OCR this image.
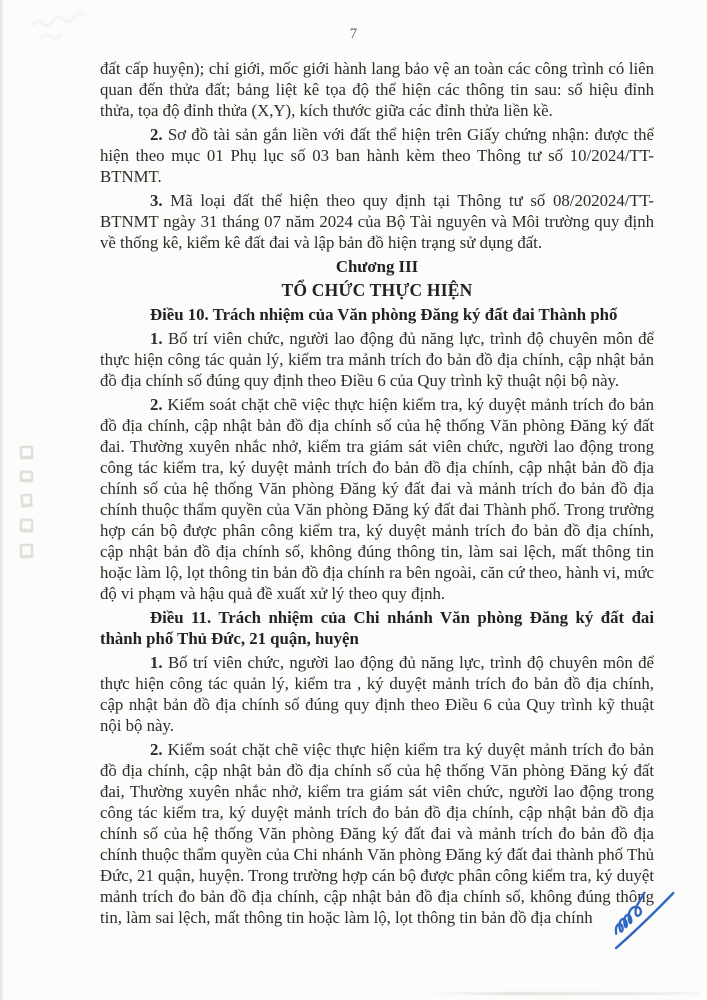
7

đất cấp huyện); chỉ giới, mốc giới hành lang bảo vệ an toàn các công trình có liên quan đến thửa đất; bảng liệt kê tọa độ thể hiện các thông tin sau: số hiệu đỉnh thửa, tọa độ đỉnh thửa (X,Y), kích thước giữa các đỉnh thửa liền kề.

2. Sơ đồ tài sản gắn liền với đất thể hiện trên Giấy chứng nhận: được thể hiện theo mục 01 Phụ lục số 03 ban hành kèm theo Thông tư số 10/2024/TT-BTNMT.

3. Mã loại đất thể hiện theo quy định tại Thông tư số 08/202024/TT-BTNMT ngày 31 tháng 07 năm 2024 của Bộ Tài nguyên và Môi trường quy định về thống kê, kiểm kê đất đai và lập bản đồ hiện trạng sử dụng đất.

Chương III

TỔ CHỨC THỰC HIỆN

Điều 10. Trách nhiệm của Văn phòng Đăng ký đất đai Thành phố

1. Bố trí viên chức, người lao động đủ năng lực, trình độ chuyên môn để thực hiện công tác quản lý, kiểm tra mảnh trích đo bản đồ địa chính, cập nhật bản đồ địa chính số đúng quy định theo Điều 6 của Quy trình kỹ thuật nội bộ này.

2. Kiểm soát chặt chẽ việc thực hiện kiểm tra, ký duyệt mảnh trích đo bản đồ địa chính, cập nhật bản đồ địa chính số của hệ thống Văn phòng Đăng ký đất đai. Thường xuyên nhắc nhở, kiểm tra giám sát viên chức, người lao động trong công tác kiểm tra, ký duyệt mảnh trích đo bản đồ địa chính, cập nhật bản đồ địa chính số của hệ thống Văn phòng Đăng ký đất đai và mảnh trích đo bản đồ địa chính thuộc thẩm quyền của Văn phòng Đăng ký đất đai Thành phố. Trong trường hợp cán bộ được phân công kiểm tra, ký duyệt mảnh trích đo bản đồ địa chính, cập nhật bản đồ địa chính số, không đúng thông tin, làm sai lệch, mất thông tin hoặc làm lộ, lọt thông tin bản đồ địa chính ra bên ngoài, căn cứ theo, hành vi, mức độ vi phạm và hậu quả đề xuất xử lý theo quy định.

Điều 11. Trách nhiệm của Chi nhánh Văn phòng Đăng ký đất đai thành phố Thủ Đức, 21 quận, huyện

1. Bố trí viên chức, người lao động đủ năng lực, trình độ chuyên môn để thực hiện công tác quản lý, kiểm tra , ký duyệt mảnh trích đo bản đồ địa chính, cập nhật bản đồ địa chính số đúng quy định theo Điều 6 của Quy trình kỹ thuật nội bộ này.

2. Kiểm soát chặt chẽ việc thực hiện kiểm tra ký duyệt mảnh trích đo bản đồ địa chính, cập nhật bản đồ địa chính số của hệ thống Văn phòng Đăng ký đất đai, Thường xuyên nhắc nhở, kiểm tra giám sát viên chức, người lao động trong công tác kiểm tra, ký duyệt mảnh trích đo bản đồ địa chính, cập nhật bản đồ địa chính số của hệ thống Văn phòng Đăng ký đất đai và mảnh trích đo bản đồ địa chính thuộc thẩm quyền của Chi nhánh Văn phòng Đăng ký đất đai thành phố Thủ Đức, 21 quận, huyện. Trong trường hợp cán bộ được phân công kiểm tra, ký duyệt mảnh trích đo bản đồ địa chính, cập nhật bản đồ địa chính số, không đúng thông tin, làm sai lệch, mất thông tin hoặc làm lộ, lọt thông tin bản đồ địa chính
